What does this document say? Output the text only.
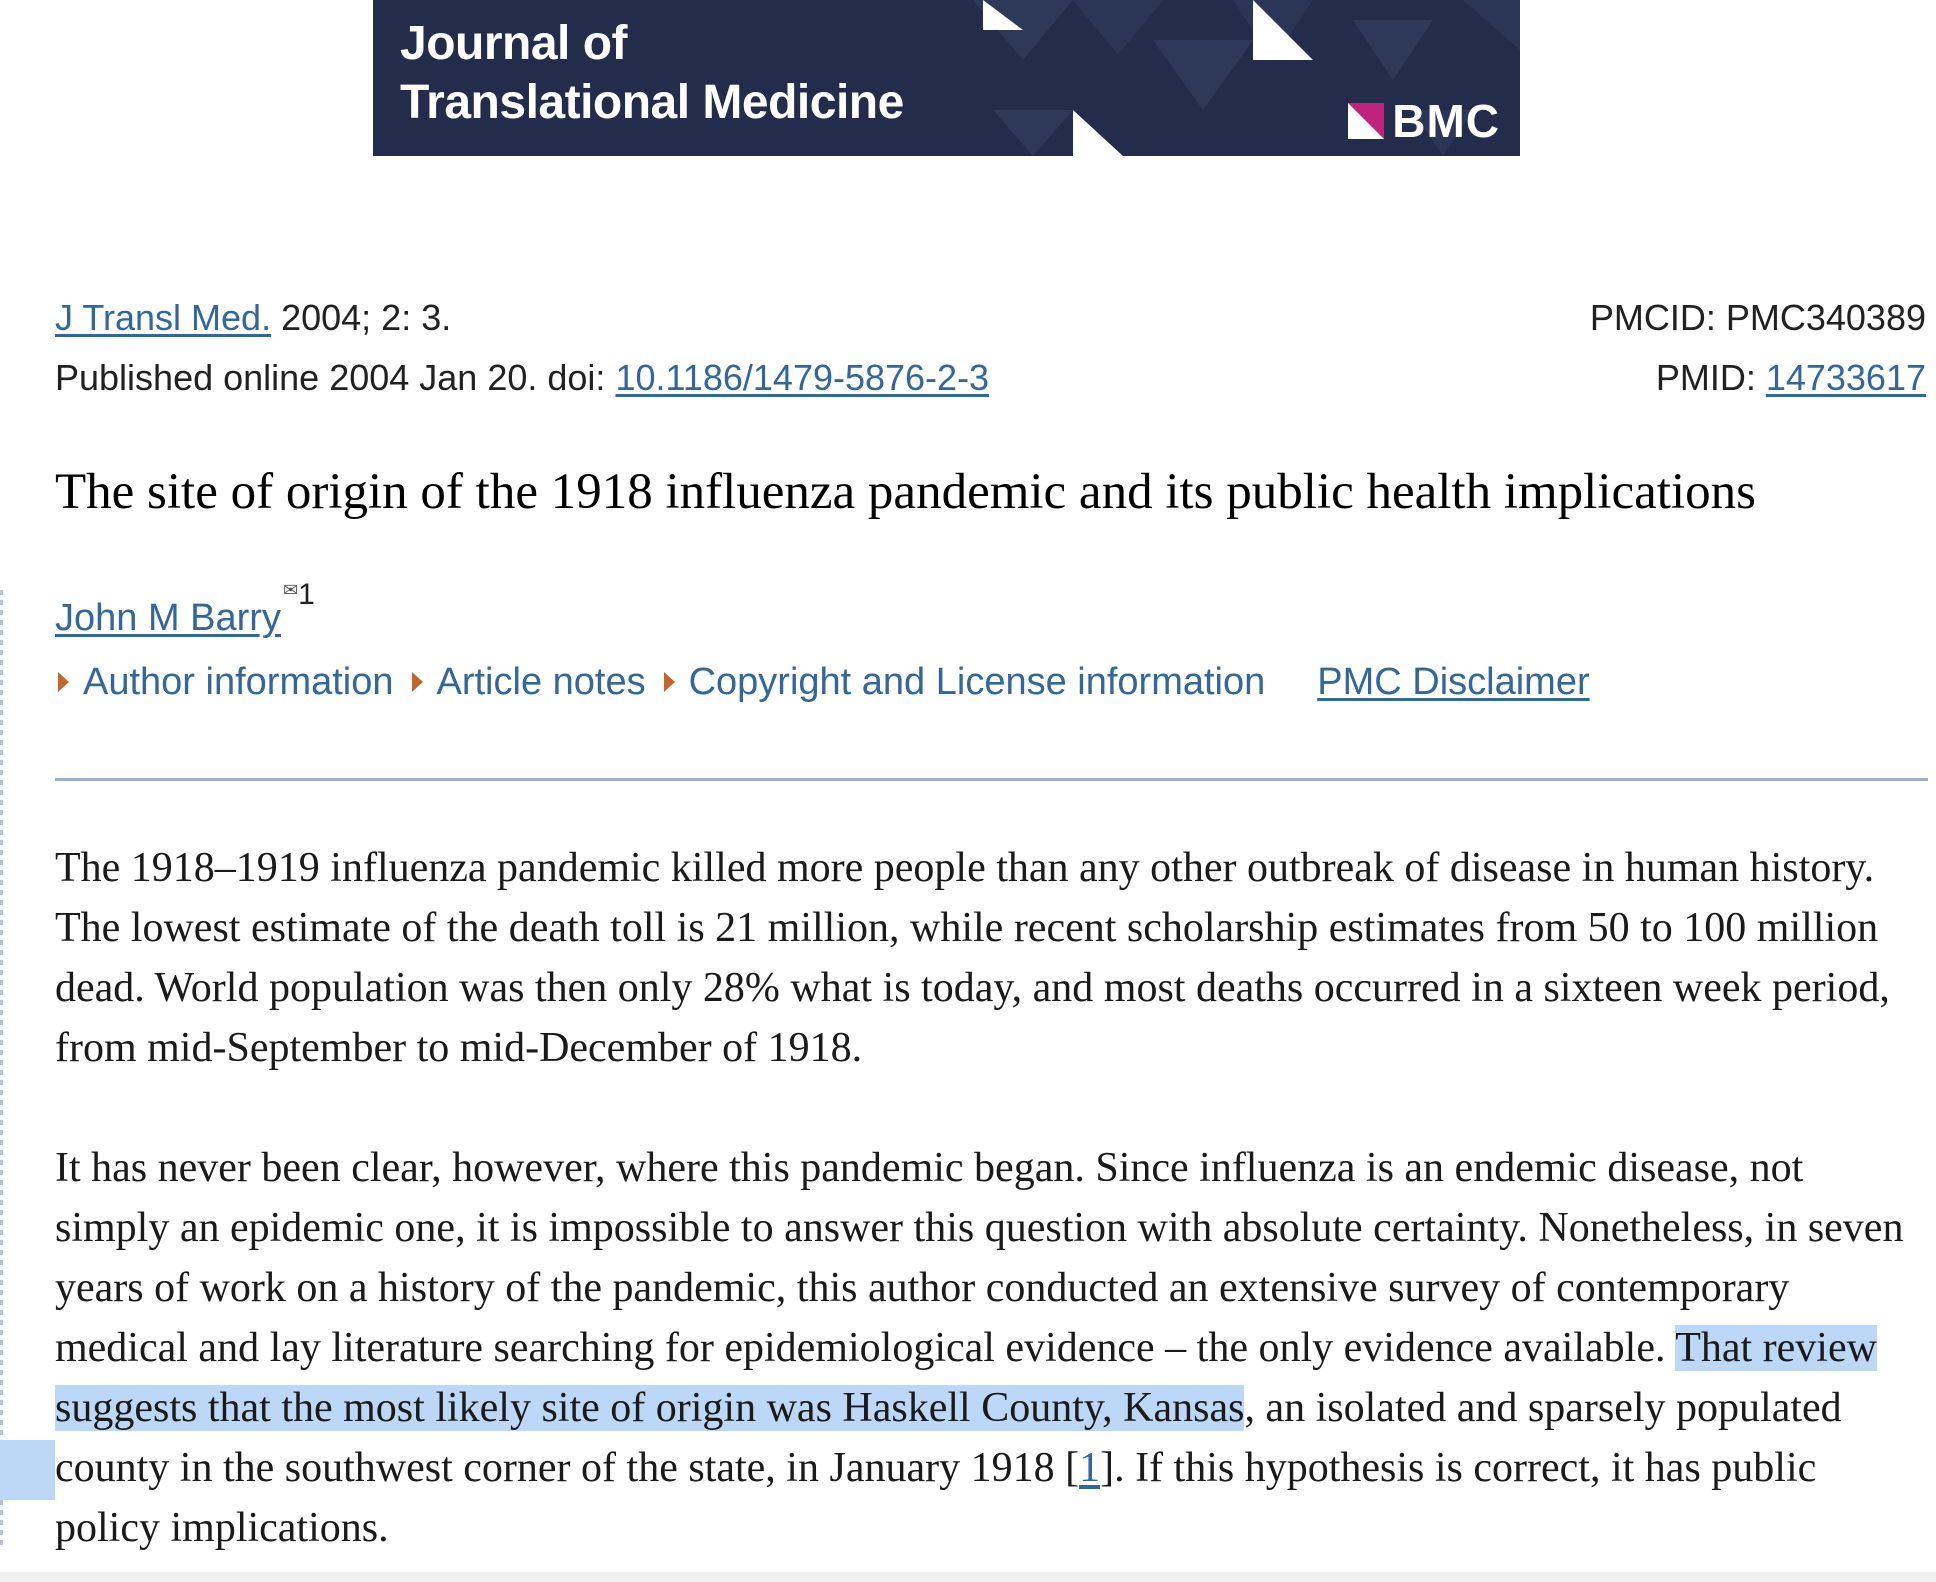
Journal of
Translational Medicine	BMC
J Transl Med. 2004; 2: 3.
Published online 2004 Jan 20. doi: 10.1186/1479-5876-2-3
PMCID: PMC340389
PMID: 14733617
The site of origin of the 1918 influenza pandemic and its public health implications
John M Barry$^{✉1}$
Author information Article notes Copyright and License information PMC Disclaimer
The 1918–1919 influenza pandemic killed more people than any other outbreak of disease in human history. The lowest estimate of the death toll is 21 million, while recent scholarship estimates from 50 to 100 million dead. World population was then only 28% what is today, and most deaths occurred in a sixteen week period, from mid-September to mid-December of 1918.
It has never been clear, however, where this pandemic began. Since influenza is an endemic disease, not simply an epidemic one, it is impossible to answer this question with absolute certainty. Nonetheless, in seven years of work on a history of the pandemic, this author conducted an extensive survey of contemporary medical and lay literature searching for epidemiological evidence – the only evidence available. That review suggests that the most likely site of origin was Haskell County, Kansas, an isolated and sparsely populated county in the southwest corner of the state, in January 1918 [1]. If this hypothesis is correct, it has public policy implications.
